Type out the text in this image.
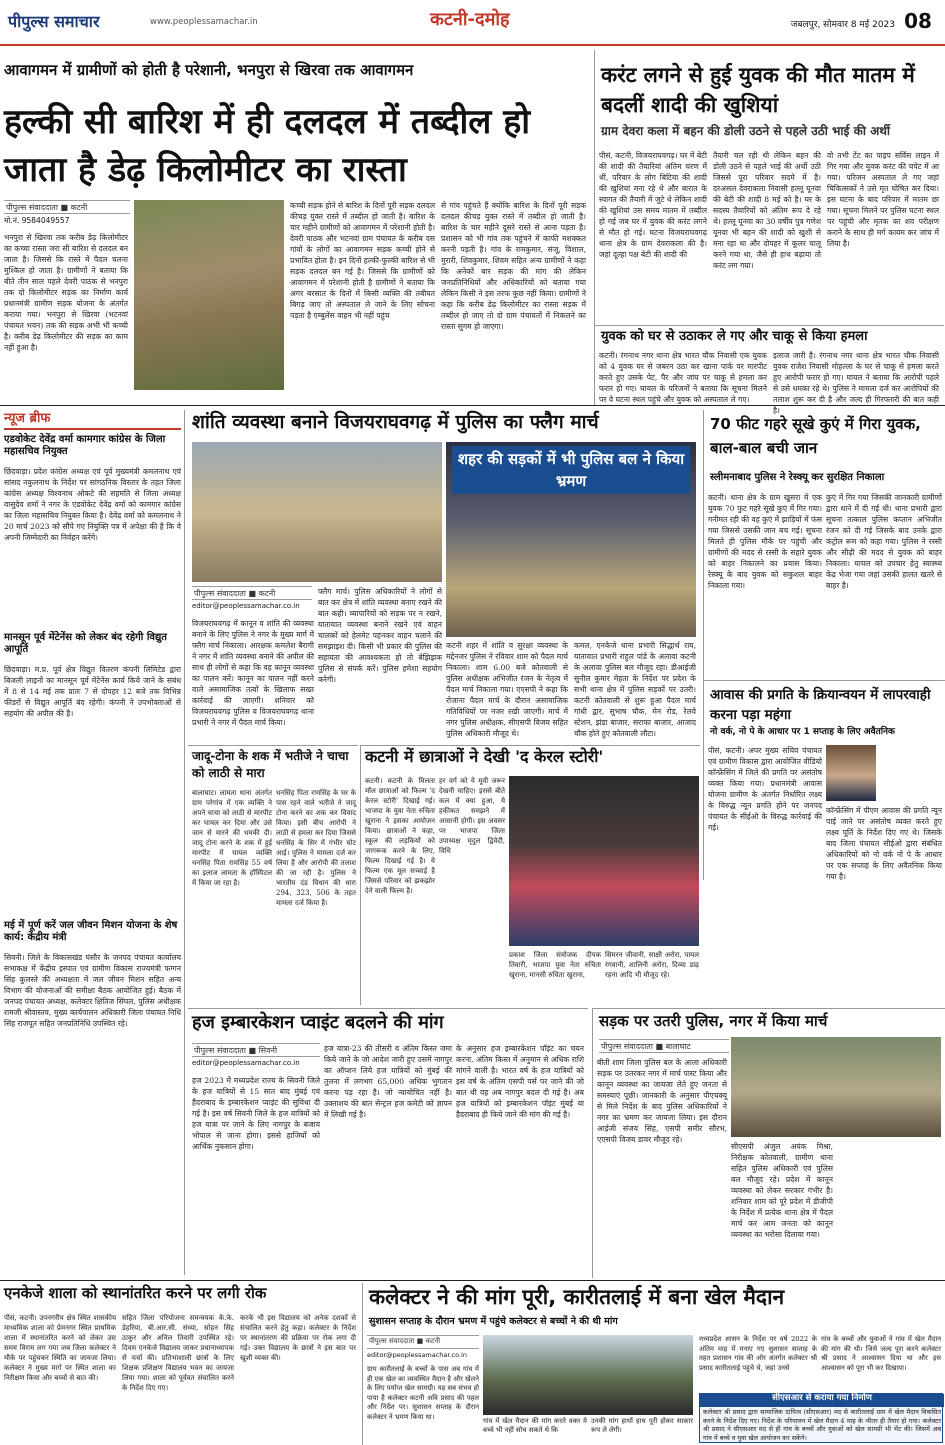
पीपुल्स समाचार	www.peoplessamachar.in	कटनी-दमोह	जबलपुर, सोमवार 8 मई 2023 08
आवागमन में ग्रामीणों को होती है परेशानी, भनपुरा से खिरवा तक आवागमन
हल्की सी बारिश में ही दलदल में तब्दील हो जाता है डेढ़ किलोमीटर का रास्ता
पीपुल्स संवाददाता ■ कटनी
मो.नं. 9584049557
भनपुरा से खिरवा तक करीब डेढ़ किलोमीटर का कच्चा रास्ता जरा सी बारिश से दलदल बन जाता है। जिससे कि रास्ते में पैदल चलना मुश्किल हो जाता है। ग्रामीणों ने बताया कि बीते तीन साल पहले देवरी पाठक से भनपुरा तक दो किलोमीटर सड़क का निर्माण कार्य प्रधानमंत्री ग्रामीण सड़क योजना के अंतर्गत कराया गया। भनपुरा से खिरवा (भटनवां पंचायत भवन) तक की सड़क अभी भी कच्ची है। करीब डेढ़ किलोमीटर की सड़क का काम नहीं हुआ है।
कच्ची सड़क होने से बारिश के दिनों पूरी सड़क दलदल कीचड़ युक्त रास्ते में तब्दील हो जाती है। बारिश के चार महीने ग्रामीणों को आवागमन में परेशानी होती है। देवरी पाठक और भटनवां ग्राम पंचायत के करीब दस गांवों के लोगों का आवागमन सड़क कच्ची होने से प्रभावित होता है। इन दिनों हल्की-फुल्की बारिश से भी सड़क दलदल बन गई है। जिससे कि ग्रामीणों को आवागमन में परेशानी होती है ग्रामीणों ने बताया कि अगर बरसात के दिनों में किसी व्यक्ति की तबीयत बिगड़ जाए तो अस्पताल ले जाने के लिए सोचना पड़ता है एम्बुलेंस वाहन भी नहीं पहुंच
से गांव पहुंचते हैं क्योंकि बारिश के दिनों पूरी सड़क दलदल कीचड़ युक्त रास्ते में तब्दील हो जाती है। बारिश के चार महीने दूसरे रास्ते से आना पड़ता है। प्रशासन को भी गांव तक पहुंचने में काफी मशक्कत करनी पड़ती है। गांव के रामकुमार, संजू, विशाल, मुरारी, शिवकुमार, शिवम सहित अन्य ग्रामीणों ने कहा कि अनेकों बार सड़क की मांग की लेकिन जनप्रतिनिधियों और अधिकारियों को बताया गया लेकिन किसी ने इस तरफ कुछ नहीं किया। ग्रामीणों ने कहा कि करीब डेढ़ किलोमीटर का रास्ता सड़क में तब्दील हो जाए तो दो ग्राम पंचायतों में निकलने का रास्ता सुगम हो जाएगा।
करंट लगने से हुई युवक की मौत मातम में बदलीं शादी की खुशियां
ग्राम देवरा कला में बहन की डोली उठने से पहले उठी भाई की अर्थी
पीसं, कटनी, विजयराघवगढ़। घर में बेटी की शादी की तैयारियां अंतिम चरण में थीं, परिवार के लोग बिटिया की शादी की खुशियां मना रहे थे और बारात के स्वागत की तैयारी में जुटे थे लेकिन शादी की खुशियां उस समय मातम में तब्दील हो गई जब घर में युवक की करंट लगने से मौत हो गई। घटना विजयराघवगढ़ थाना क्षेत्र के ग्राम देवराकला की है। जहां दूल्हा पक्ष बेटी की शादी की
तैयारी चल रही थी लेकिन बहन की डोली उठने से पहले भाई की अर्थी उठी जिससे पूरा परिवार सदमे में है। दरअसल देवराकला निवासी हल्लू यूनवा की बेटी की शादी 8 मई को है। घर के सदस्य तैयारियों को अंतिम रूप दे रहे थे। हल्लू यूनवा का 30 वर्षीय पुत्र गणेश यूनवा भी बहन की शादी को खुशी से मना रहा था और दोपहर में कूलर चालू करने गया था, जैसे ही हाथ बढ़ाया तो करंट लग गया।
वो तभी टेंट का पाइप सर्विस लाइन में गिर गया और युवक करंट की चपेट में आ गया। परिजन अस्पताल ले गए जहां चिकित्सकों ने उसे मृत घोषित कर दिया। इस घटना के बाद परिवार में मातम छा गया। सूचना मिलने पर पुलिस घटना स्थल पर पहुंची और मृतक का शव परीक्षण कराने के साथ ही मर्ग कायम कर जांच में लिया है।
युवक को घर से उठाकर ले गए और चाकू से किया हमला
कटनी। रंगनाथ नगर थाना क्षेत्र भारत चौक निवासी एक युवक को 4 युवक घर से जबरन उठा कर खाना पार्क पर मारपीट करते हुए उसके पेट, पैर और जांघ पर चाकू से हमला कर फरार हो गए। घायल के परिजनों ने बताया कि सूचना मिलने पर वे घटना स्थल पहुंचे और युवक को अस्पताल ले गए।
इलाज जारी है। रंगनाथ नगर थाना क्षेत्र भारत चौक निवासी युवक राजेश निवासी मोहल्ला के घर से चाकू से हमला करते हुए आरोपी फरार हो गए। घायल ने बताया कि आरोपी पहले से उसे धमका रहे थे। पुलिस ने मामला दर्ज कर आरोपियों की तलाश शुरू कर दी है और जल्द ही गिरफ्तारी की बात कही है।
न्यूज ब्रीफ
एडवोकेट देवेंद्र वर्मा कामगार कांग्रेस के जिला महासचिव नियुक्त
छिंदवाड़ा। प्रदेश कांग्रेस अध्यक्ष एवं पूर्व मुख्यमंत्री कमलनाथ एवं सांसद नकुलनाथ के निर्देश पर सांगठनिक विस्तार के तहत जिला कांग्रेस अध्यक्ष विश्वनाथ ओकटे की सहमति से जिला अध्यक्ष वासुदेव शर्मा ने नगर के एडवोकेट देवेंद्र वर्मा को कामगार कांग्रेस का जिला महासचिव नियुक्त किया है। देवेंद्र वर्मा को कमलनाथ ने 20 मार्च 2023 को सौंपे गए नियुक्ति पत्र में अपेक्षा की है कि वे अपनी जिम्मेदारी का निर्वहन करेंगे।
मानसून पूर्व मेंटेनेंस को लेकर बंद रहेगी विद्युत आपूर्ति
छिंदवाड़ा। म.प्र. पूर्व क्षेत्र विद्युत वितरण कंपनी लिमिटेड द्वारा बिजली लाइनों का मानसून पूर्व मेंटेनेंस कार्य किये जाने के संबंध में 8 से 14 मई तक प्रातः 7 से दोपहर 12 बजे तक विभिन्न फीडरों से विद्युत आपूर्ति बंद रहेगी। कंपनी ने उपभोक्ताओं से सहयोग की अपील की है।
मई में पूर्ण करें जल जीवन मिशन योजना के शेष कार्य: केंद्रीय मंत्री
सिवनी। जिले के विकासखंड घंसौर के जनपद पंचायत कार्यालय सभाकक्ष में केंद्रीय इस्पात एवं ग्रामीण विकास राज्यमंत्री फग्गन सिंह कुलस्ते की अध्यक्षता में जल जीवन मिशन सहित अन्य विभाग की योजनाओं की समीक्षा बैठक आयोजित हुई। बैठक में जनपद पंचायत अध्यक्ष, कलेक्टर क्षितिज सिंघल, पुलिस अधीक्षक रामजी श्रीवास्तव, मुख्य कार्यपालन अधिकारी जिला पंचायत निधि सिंह राजपूत सहित जनप्रतिनिधि उपस्थित रहे।
शांति व्यवस्था बनाने विजयराघवगढ़ में पुलिस का फ्लैग मार्च
शहर की सड़कों में भी पुलिस बल ने किया भ्रमण
पीपुल्स संवाददाता ■ कटनी
editor@peoplessamachar.co.in
विजयराघवगढ़ में कानून व शांति की व्यवस्था बनाने के लिए पुलिस ने नगर के मुख्य मार्ग में फ्लैग मार्च निकाला। आरक्षक कमलेश बैरागी ने नगर में शांति व्यवस्था बनाने की अपील की साथ ही लोगों से कहा कि वह कानून व्यवस्था का पालन करें। कानून का पालन नहीं करने वाले असामाजिक तत्वों के खिलाफ सख्त कार्रवाई की जाएगी। शनिवार को विजयराघवगढ़ पुलिस व विजयराघवगढ़ थाना प्रभारी ने नगर में पैदल मार्च किया।
फ्लैग मार्च। पुलिस अधिकारियों ने लोगों से बात कर क्षेत्र में शांति व्यवस्था बनाए रखने की बात कही। व्यापारियों को सड़क पर न रखने, यातायात व्यवस्था बनाने रखने एवं वाहन चालकों को हेलमेट पहनकर वाहन चलाने की समझाइश दी। किसी भी प्रकार की पुलिस की सहायता की आवश्यकता हो तो बेझिझक पुलिस से संपर्क करें। पुलिस हमेशा सहयोग करेगी।
कटनी शहर में शांति व सुरक्षा व्यवस्था के मद्देनजर पुलिस ने रविवार शाम को पैदल मार्च निकाला। शाम 6.00 बजे कोतवाली से पुलिस अधीक्षक अभिजीत रंजन के नेतृत्व में पैदल मार्च निकाला गया। एएसपी ने कहा कि रोजाना पैदल मार्च के दौरान असामाजिक गतिविधियों पर नजर रखी जाएगी। मार्च में नगर पुलिस अधीक्षक, सीएसपी विजय सहित पुलिस अधिकारी मौजूद थे।
कमल, एनकेजे थाना प्रभारी सिद्धार्थ राय, यातायात प्रभारी राहुल पांडे के अलावा कटनी के अलावा पुलिस बल मौजूद रहा। डीआईजी सुनील कुमार मेहता के निर्देश पर प्रदेश के सभी थाना क्षेत्र में पुलिस सड़कों पर उतरी। कटनी कोतवाली से शुरू हुआ पैदल मार्च गांधी द्वार, सुभाष चौक, मेन रोड, रेलवे स्टेशन, झंडा बाजार, सराफा बाजार, आजाद चौक होते हुए कोतवाली लौटा।
70 फीट गहरे सूखे कुएं में गिरा युवक, बाल-बाल बची जान
स्लीमनाबाद पुलिस ने रेस्क्यू कर सुरक्षित निकाला
कटनी। थाना क्षेत्र के ग्राम खुसरा में एक युवक 70 फुट गहरे सूखे कुएं में गिर गया। गनीमत रही की वह कुएं में झाड़ियों में फंस गया जिससे उसकी जान बच गई। सूचना मिलते ही पुलिस मौके पर पहुंची और ग्रामीणों की मदद से रस्सी के सहारे युवक को बाहर निकालने का प्रयास किया। रेस्क्यू के बाद युवक को सकुशल बाहर निकाला गया।
कुएं में गिर गया जिसकी जानकारी ग्रामीणों द्वारा थाने में दी गई थी। थाना प्रभारी द्वारा सूचना तत्काल पुलिस कप्तान अभिजीत रंजन को दी गई जिसके बाद उनके द्वारा कंट्रोल रूम को कहा गया। पुलिस ने रस्सी और सीढ़ी की मदद से युवक को बाहर निकाला। घायल को उपचार हेतु स्वास्थ्य केंद्र भेजा गया जहां उसकी हालत खतरे से बाहर है।
आवास की प्रगति के क्रियान्वयन में लापरवाही करना पड़ा महंगा
नो वर्क, नो पे के आधार पर 1 सप्ताह के लिए अवैतनिक
पीसं, कटनी। अपर मुख्य सचिव पंचायत एवं ग्रामीण विकास द्वारा आयोजित वीडियो कॉन्फ्रेंसिंग में जिले की प्रगति पर असंतोष व्यक्त किया गया। प्रधानमंत्री आवास योजना ग्रामीण के अंतर्गत निर्धारित लक्ष्य के विरुद्ध न्यून प्रगति होने पर जनपद पंचायत के सीईओ के विरुद्ध कार्रवाई की गई।
कॉन्फ्रेंसिंग में पीएम आवास की प्रगति न्यून पाई जाने पर असंतोष व्यक्त करते हुए लक्ष्य पूर्ति के निर्देश दिए गए थे। जिसके बाद जिला पंचायत सीईओ द्वारा संबंधित अधिकारियों को नो वर्क नो पे के आधार पर एक सप्ताह के लिए अवैतनिक किया गया है।
जादू-टोना के शक में भतीजे ने चाचा को लाठी से मारा
बालाघाट। लामता थाना अंतर्गत ग्राम परेगांव में एक व्यक्ति ने अपने चाचा को लाठी से मारपीट कर घायल कर दिया और उसे जान से मारने की धमकी दी। जादू टोना करने के शक में हुई मारपीट में घायल व्यक्ति धनसिंह पिता रामसिंह 55 वर्ष का इलाज लामता के हॉस्पिटल में किया जा रहा है।
धनसिंह पिता रामसिंह के घर के पास रहने वाले भतीजे ने जादू टोना करने का शक कर विवाद किया। इसी बीच आरोपी ने लाठी से हमला कर दिया जिससे धनसिंह के सिर में गंभीर चोट आई। पुलिस ने मामला दर्ज कर लिया है और आरोपी की तलाश की जा रही है। पुलिस ने भारतीय दंड विधान की धारा 294, 323, 506 के तहत मामला दर्ज किया है।
कटनी में छात्राओं ने देखी 'द केरल स्टोरी'
कटनी। कटनी के मिलता मॉल छात्राओं को फिल्म 'द केरल स्टोरी' दिखाई गई। भाजपा के युवा नेता रुचिता खुराना ने इसका आयोजन किया। छात्राओं ने कहा, स्कूल की लड़कियों को जागरूक करने के लिए, फिल्म दिखाई गई है। ये फिल्म एक मूल सच्चाई है जिससे परिवार को झकझोर देने वाली फिल्म है।
हर वर्ग को ये मूवी जरूर देखनी चाहिए। इससे बीते कल में क्या हुआ, ये हकीकत समझने में आसानी होगी। इस अवसर पर भाजपा जिला उपाध्यक्ष मृदुल द्विवेदी, विधि
प्रकाश जिला संयोजक दीपक तिवारी, भाजपा युवा नेता रुचिता खुराना, मानसी रुचिता खुराना,
सिमरन जीवानी, साक्षी अरोरा, पायल रंगवानी, शालिनी अरोरा, दिव्या डाढ़ रहना आदि भी मौजूद रहे।
हज इम्बारकेशन प्वाइंट बदलने की मांग
पीपुल्स संवाददाता ■ सिवनी
editor@peoplessamachar.co.in
हज 2023 में मध्यप्रदेश राज्य के सिवनी जिले के हज यात्रियों से 15 सात बाद मुंबई एवं हैदराबाद के इम्बारकेशन प्वाइंट की सुविधा दी गई है। इस वर्ष सिवनी जिले के हज यात्रियों को हज यात्रा पर जाने के लिए नागपुर के बजाय भोपाल से जाना होगा। इससे हाजियों को आर्थिक नुकसान होगा।
हज यात्रा-23 की तीसरी व अंतिम किस्त जमा किये जाने के जो आदेश जारी हुए उसमें नागपुर का ऑप्शन लिये हज यात्रियों को मुंबई की तुलना में लगभग 65,000 अधिक भुगतान करना पड़ रहा है। जो न्यायोचित नहीं है। उक्ताशय की बात सेन्ट्रल हज कमेटी को ज्ञापन में लिखी गई है।
के अनुसार हज इम्बारकेशन पॉइंट का चयन करना, अंतिम किस्त में अनुमान से अधिक राशि मांगने वाली है। भारत वर्ष के हज यात्रियों को इस वर्ष के अंतिम एसपी पर्स पर जाने की जो बात थी वह अब नागपुर बदल दी गई है। अब हज यात्रियों को इम्बारकेशन पॉइंट मुंबई या हैदराबाद ही किये जाने की मांग की गई है।
सड़क पर उतरी पुलिस, नगर में किया मार्च
पीपुल्स संवाददाता ■ बालाघाट
बीती शाम जिला पुलिस बल के आला अधिकारी सड़क पर उतरकर नगर में मार्च पास्ट किया और कानून व्यवस्था का जायजा लेते हुए जनता से समस्याएं पूछी। जानकारी के अनुसार पीएचक्यू से मिले निर्देश के बाद पुलिस अधिकारियों ने नगर का भ्रमण कर जायजा लिया। इस दौरान आईजी संजय सिंह, एसपी समीर सौरभ, एएसपी विजय डावर मौजूद रहे।
सीएसपी अंजुल अयंक मिश्रा, निरीक्षक कोतवाली, ग्रामीण थाना सहित पुलिस अधिकारी एवं पुलिस बल मौजूद रहे। प्रदेश में कानून व्यवस्था को लेकर सरकार गंभीर है। शनिवार शाम को पूरे प्रदेश में डीजीपी के निर्देश में प्रत्येक थाना क्षेत्र में पैदल मार्च कर आम जनता को कानून व्यवस्था का भरोसा दिलाया गया।
एनकेजे शाला को स्थानांतरित करने पर लगी रोक
पीसं, कटनी। उपनगरीय क्षेत्र स्थित शासकीय माध्यमिक शाला को प्रेमनगर स्थित प्राथमिक शाला में स्थानांतरित करने को लेकर उस समय विराम लग गया जब जिला कलेक्टर ने मौके पर पहुंचकर स्थिति का जायजा लिया। कलेक्टर ने मुख्य मार्ग पर स्थित शाला का निरीक्षण किया और बच्चों से बात की।
सहित जिला परियोजना समन्वयक के.के. डेहरिया, बी.आर.सी. संध्या, सोहन सिंह ठाकुर और अनिल तिवारी उपस्थित रहे। दिवस एनकेजे विद्यालय जाकर प्रधानाध्यापक से चर्चा की। प्रतिभाशाली छात्रों के लिए शिक्षक प्रशिक्षण विद्यालय भवन का जायजा लिया गया। शाला को पूर्ववत संचालित करने के निर्देश दिए गए।
करके भी इस विद्यालय को अनेक दशकों से संचालित करने हेतु कहा। कलेक्टर के निर्देश पर स्थानांतरण की प्रक्रिया पर रोक लगा दी गई। उक्त विद्यालय के छात्रों ने इस बात पर खुशी व्यक्त की।
कलेक्टर ने की मांग पूरी, कारीतलाई में बना खेल मैदान
सुशासन सप्ताह के दौरान भ्रमण में पहुंचे कलेक्टर से बच्चों ने की थी मांग
पीपुल्स संवाददाता ■ कटनी
editor@peoplessamachar.co.in
ग्राम कारीतलाई के बच्चों के पास अब गांव में ही एक खेल का व्यवस्थित मैदान है और खेलने के लिए पर्याप्त खेल सामग्री। यह सब संभव हो पाया है कलेक्टर कटनी अवि प्रसाद की पहल और निर्देश पर। सुशासन सप्ताह के दौरान कलेक्टर ने भ्रमण किया था।
गांव में खेल मैदान की मांग करते वक्त ये बच्चे भी नहीं सोच सकते थे कि
उनकी मांग हाथों हाथ पूरी होकर साकार रूप ले लेगी।
मध्यप्रदेश शासन के निर्देश पर वर्ष 2022 के अंतिम माह में मनाए गए सुशासन सप्ताह के तहत प्रशासन गांव की ओर अंतर्गत कलेक्टर श्री प्रसाद कारीतलाई पहुंचे थे, जहां उनसे
गांव के बच्चों और युवाओं ने गांव में खेल मैदान की मांग की थी। जिसे जल्द पूरा करने कलेक्टर श्री प्रसाद ने आश्वासन दिया था और इस आश्वासन को पूरा भी कर दिखाया।
सीएसआर से कराया गया निर्माण
कलेक्टर श्री प्रसाद द्वारा सामाजिक दायित्व (सीएसआर) मद से कारीतलाई ग्राम में खेल मैदान विकसित करने के निर्देश दिए गए। निर्देश के परिपालन में खेल मैदान 4 माह के भीतर ही तैयार हो गया। कलेक्टर श्री प्रसाद ने सीएसआर मद से ही गांव के बच्चों और युवाओं को खेल सामग्री भी भेंट की। जिसमें अब गांव में बच्चे व युवा खेल आयोजन कर सकेंगे।
